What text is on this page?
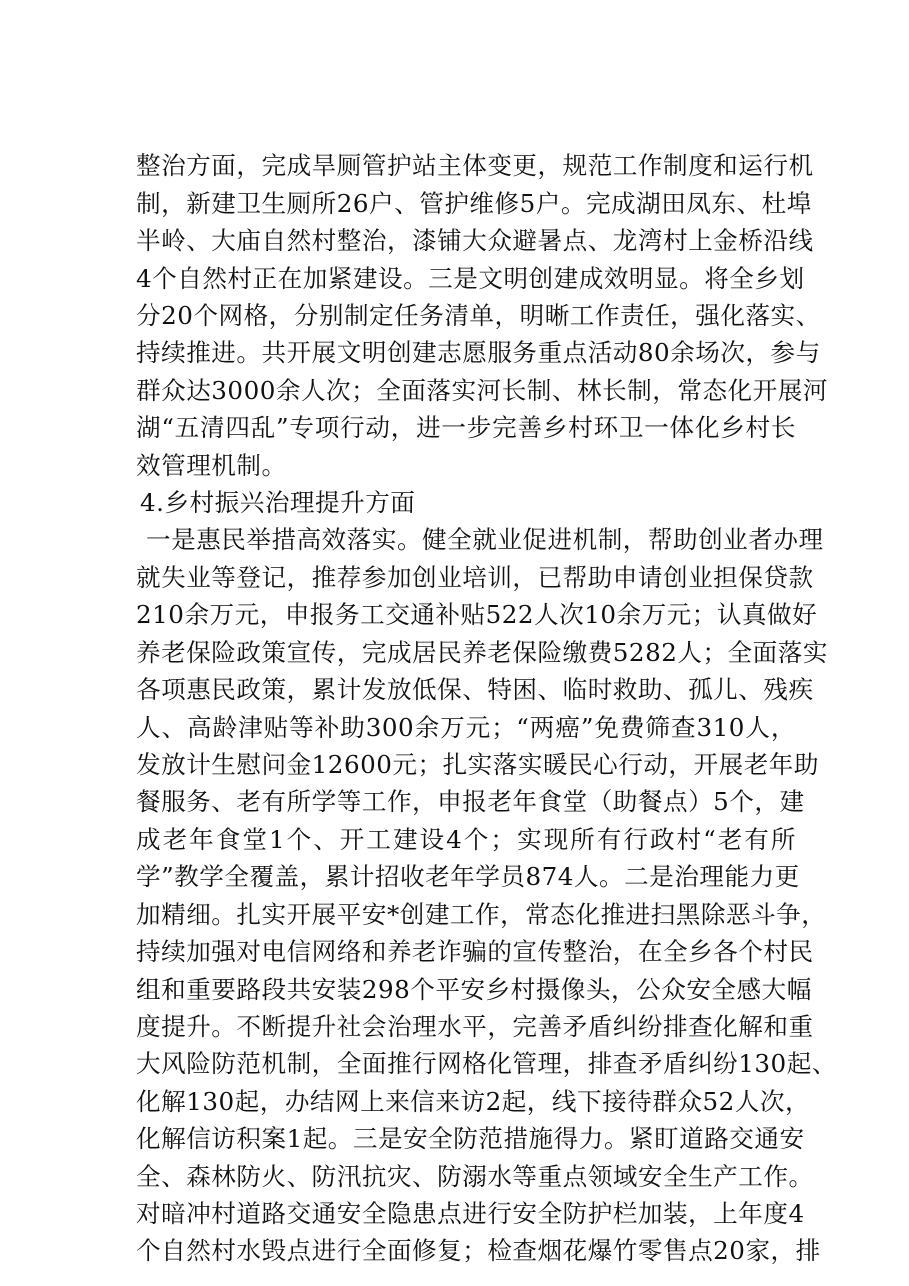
整治方面，完成旱厕管护站主体变更，规范工作制度和运行机
制，新建卫生厕所26户、管护维修5户。完成湖田凤东、杜埠
半岭、大庙自然村整治，漆铺大众避暑点、龙湾村上金桥沿线
4个自然村正在加紧建设。三是文明创建成效明显。将全乡划
分20个网格，分别制定任务清单，明晰工作责任，强化落实、
持续推进。共开展文明创建志愿服务重点活动80余场次，参与
群众达3000余人次；全面落实河长制、林长制，常态化开展河
湖“五清四乱”专项行动，进一步完善乡村环卫一体化乡村长
效管理机制。
4.乡村振兴治理提升方面
一是惠民举措高效落实。健全就业促进机制，帮助创业者办理
就失业等登记，推荐参加创业培训，已帮助申请创业担保贷款
210余万元，申报务工交通补贴522人次10余万元；认真做好
养老保险政策宣传，完成居民养老保险缴费5282人；全面落实
各项惠民政策，累计发放低保、特困、临时救助、孤儿、残疾
人、高龄津贴等补助300余万元；“两癌”免费筛查310人，
发放计生慰问金12600元；扎实落实暖民心行动，开展老年助
餐服务、老有所学等工作，申报老年食堂（助餐点）5个，建
成老年食堂1个、开工建设4个；实现所有行政村“老有所
学”教学全覆盖，累计招收老年学员874人。二是治理能力更
加精细。扎实开展平安*创建工作，常态化推进扫黑除恶斗争，
持续加强对电信网络和养老诈骗的宣传整治，在全乡各个村民
组和重要路段共安装298个平安乡村摄像头，公众安全感大幅
度提升。不断提升社会治理水平，完善矛盾纠纷排查化解和重
大风险防范机制，全面推行网格化管理，排查矛盾纠纷130起、
化解130起，办结网上来信来访2起，线下接待群众52人次，
化解信访积案1起。三是安全防范措施得力。紧盯道路交通安
全、森林防火、防汛抗灾、防溺水等重点领域安全生产工作。
对暗冲村道路交通安全隐患点进行安全防护栏加装，上年度4
个自然村水毁点进行全面修复；检查烟花爆竹零售点20家，排
